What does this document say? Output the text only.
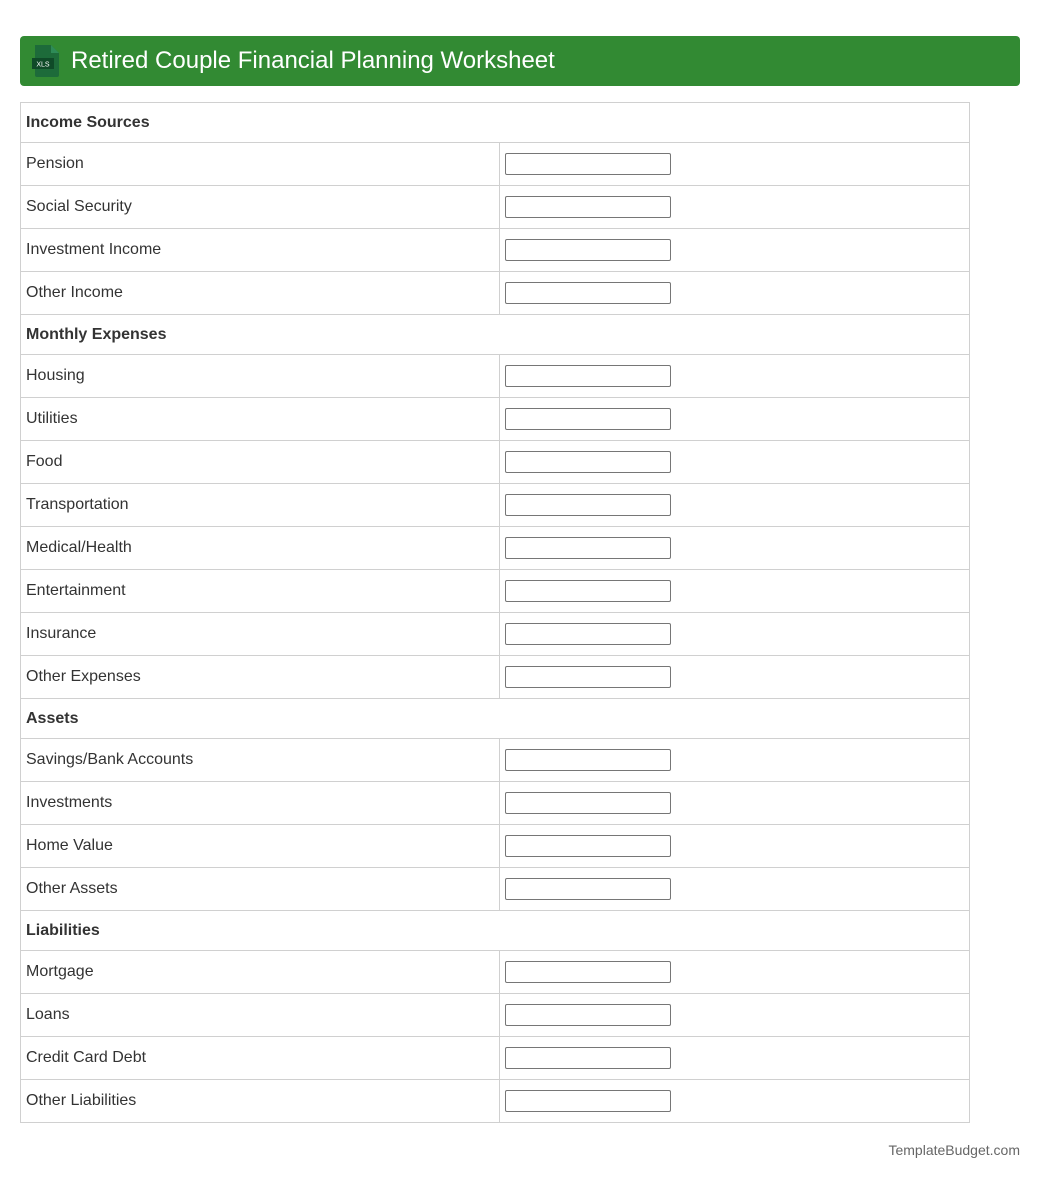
XLS Retired Couple Financial Planning Worksheet
Income Sources	
Pension	
Social Security	
Investment Income	
Other Income	
Monthly Expenses	
Housing	
Utilities	
Food	
Transportation	
Medical/Health	
Entertainment	
Insurance	
Other Expenses	
Assets	
Savings/Bank Accounts	
Investments	
Home Value	
Other Assets	
Liabilities	
Mortgage	
Loans	
Credit Card Debt	
Other Liabilities	
TemplateBudget.com
